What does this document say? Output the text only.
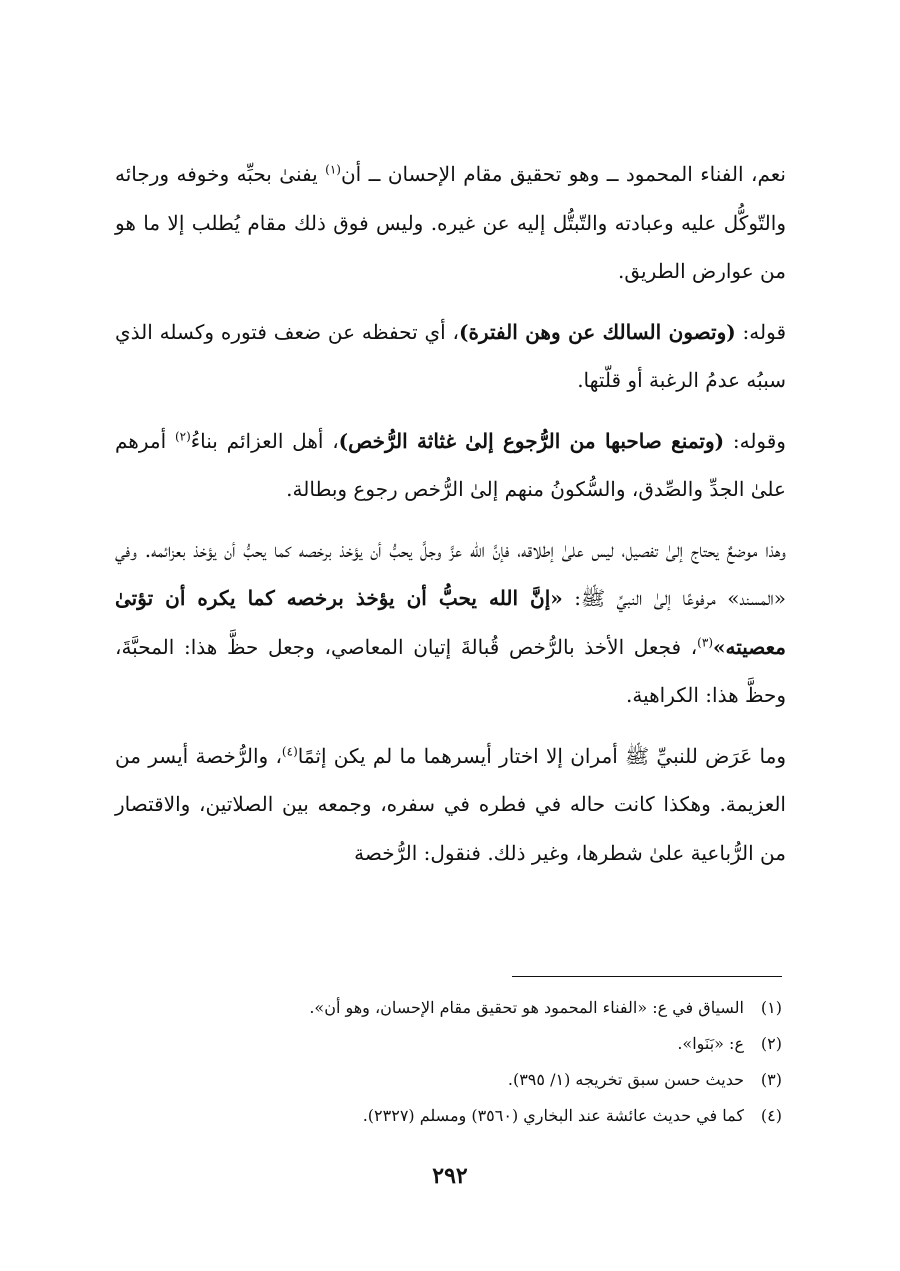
نعم، الفناء المحمود ــ وهو تحقيق مقام الإحسان ــ أن$^{(١)}$ يفنىٰ بحبِّه وخوفه ورجائه والتّوكُّل عليه وعبادته والتّبتُّل إليه عن غيره. وليس فوق ذلك مقام يُطلب إلا ما هو من عوارض الطريق.

قوله: (وتصون السالك عن وهن الفترة)، أي تحفظه عن ضعف فتوره وكسله الذي سببُه عدمُ الرغبة أو قلّتها.

وقوله: (وتمنع صاحبها من الرُّجوع إلىٰ غثاثة الرُّخص)، أهل العزائم بناءُ$^{(٢)}$ أمرهم علىٰ الجدِّ والصِّدق، والسُّكونُ منهم إلىٰ الرُّخص رجوع وبطالة.

وهذا موضعٌ يحتاج إلىٰ تفصيل، ليس علىٰ إطلاقه، فإنَّ الله عزَّ وجلَّ يحبُّ أن يؤخذ برخصه كما يحبُّ أن يؤخذ بعزائمه. وفي «المسند» مرفوعًا إلىٰ النبيِّ ﷺ: «إنَّ الله يحبُّ أن يؤخذ برخصه كما يكره أن تؤتىٰ معصيته»$^{(٣)}$، فجعل الأخذ بالرُّخص قُبالةَ إتيان المعاصي، وجعل حظَّ هذا: المحبَّةَ، وحظَّ هذا: الكراهية.

وما عَرَض للنبيِّ ﷺ أمران إلا اختار أيسرهما ما لم يكن إثمًا$^{(٤)}$، والرُّخصة أيسر من العزيمة. وهكذا كانت حاله في فطره في سفره، وجمعه بين الصلاتين، والاقتصار من الرُّباعية علىٰ شطرها، وغير ذلك. فنقول: الرُّخصة

(١)السياق في ع: «الفناء المحمود هو تحقيق مقام الإحسان، وهو أن».
(٢)ع: «بَنَوا».
(٣)حديث حسن سبق تخريجه (١/ ٣٩٥).
(٤)كما في حديث عائشة عند البخاري (٣٥٦٠) ومسلم (٢٣٢٧).
٢٩٢
